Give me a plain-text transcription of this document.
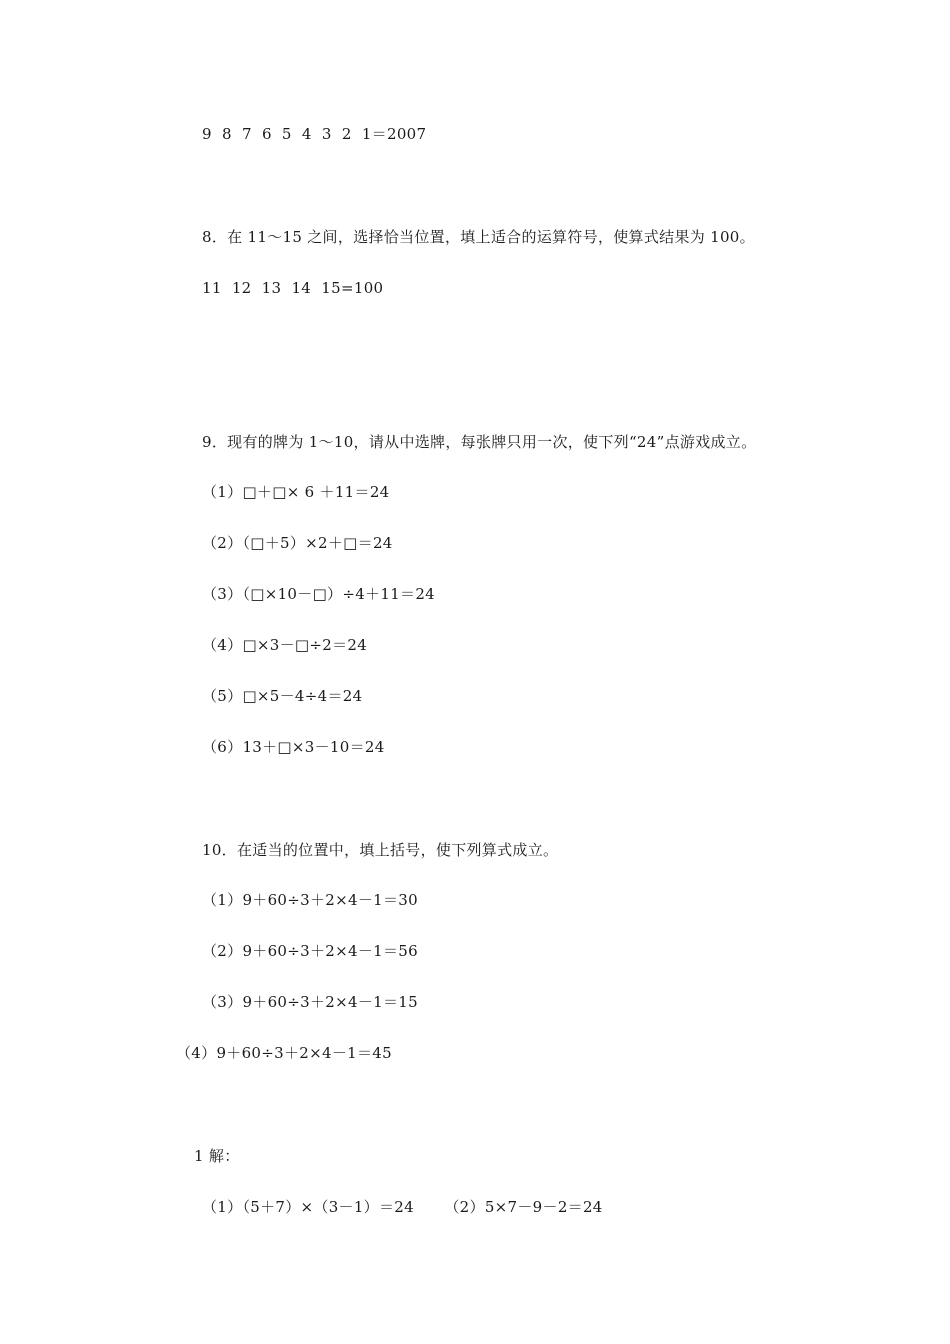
9  8  7  6  5  4  3  2  1＝2007
8．在 11～15 之间，选择恰当位置，填上适合的运算符号，使算式结果为 100。
11  12  13  14  15=100
9．现有的牌为 1～10，请从中选牌，每张牌只用一次，使下列“24”点游戏成立。
（1）□＋□× 6 ＋11＝24
（2）（□＋5）×2＋□＝24
（3）（□×10－□）÷4＋11＝24
（4）□×3－□÷2＝24
（5）□×5－4÷4＝24
（6）13＋□×3－10＝24
10．在适当的位置中，填上括号，使下列算式成立。
（1）9＋60÷3＋2×4－1＝30
（2）9＋60÷3＋2×4－1＝56
（3）9＋60÷3＋2×4－1＝15
（4）9＋60÷3＋2×4－1＝45
1 解：
（1）（5＋7）×（3－1）＝24      （2）5×7－9－2＝24
